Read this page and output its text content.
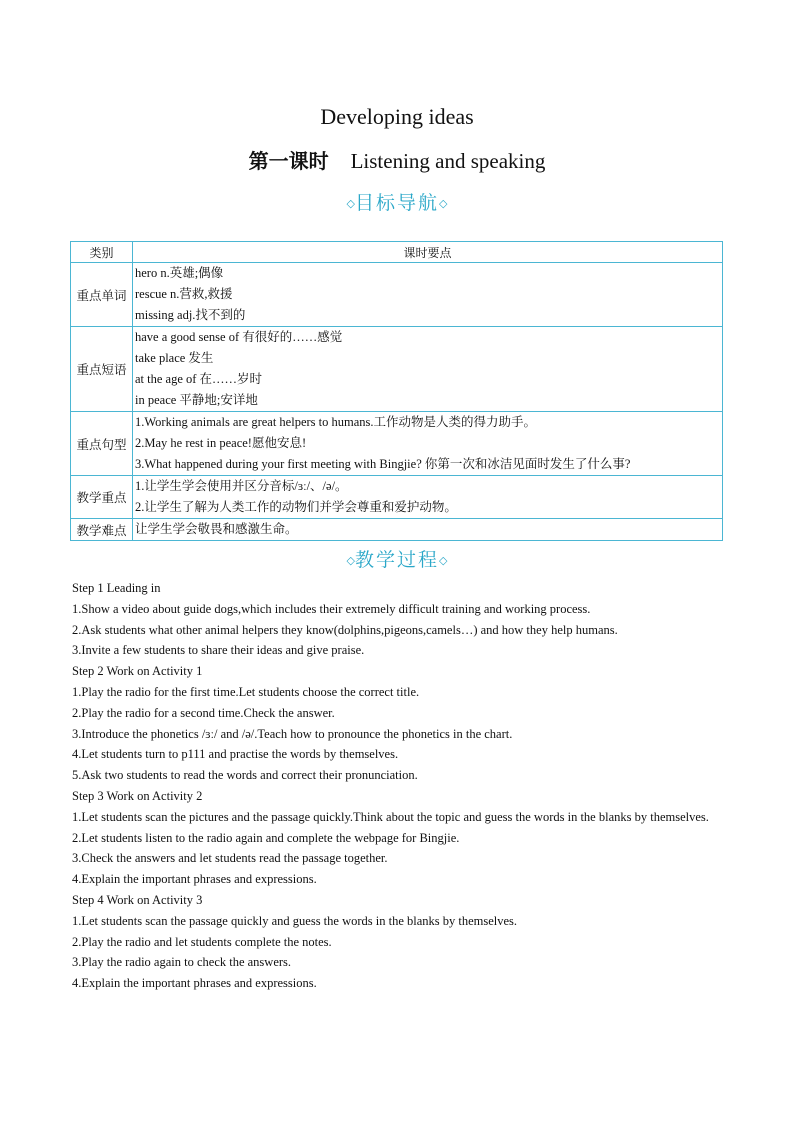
Developing ideas
第一课时 Listening and speaking
◇目标导航◇
类别	课时要点
重点单词	hero n.英雄;偶像
rescue n.营救,救援
missing adj.找不到的

重点短语	have a good sense of 有很好的……感觉
take place 发生
at the age of 在……岁时
in peace 平静地;安详地

重点句型	1.Working animals are great helpers to humans.工作动物是人类的得力助手。
2.May he rest in peace!愿他安息!
3.What happened during your first meeting with Bingjie? 你第一次和冰洁见面时发生了什么事?

教学重点	1.让学生学会使用并区分音标/ɜː/、/ə/。
2.让学生了解为人类工作的动物们并学会尊重和爱护动物。

教学难点	让学生学会敬畏和感激生命。
◇教学过程◇
Step 1 Leading in
1.Show a video about guide dogs,which includes their extremely difficult training and working process.
2.Ask students what other animal helpers they know(dolphins,pigeons,camels…) and how they help humans.
3.Invite a few students to share their ideas and give praise.
Step 2 Work on Activity 1
1.Play the radio for the first time.Let students choose the correct title.
2.Play the radio for a second time.Check the answer.
3.Introduce the phonetics /ɜː/ and /ə/.Teach how to pronounce the phonetics in the chart.
4.Let students turn to p111 and practise the words by themselves.
5.Ask two students to read the words and correct their pronunciation.
Step 3 Work on Activity 2
1.Let students scan the pictures and the passage quickly.Think about the topic and guess the words in the blanks by themselves.
2.Let students listen to the radio again and complete the webpage for Bingjie.
3.Check the answers and let students read the passage together.
4.Explain the important phrases and expressions.
Step 4 Work on Activity 3
1.Let students scan the passage quickly and guess the words in the blanks by themselves.
2.Play the radio and let students complete the notes.
3.Play the radio again to check the answers.
4.Explain the important phrases and expressions.
